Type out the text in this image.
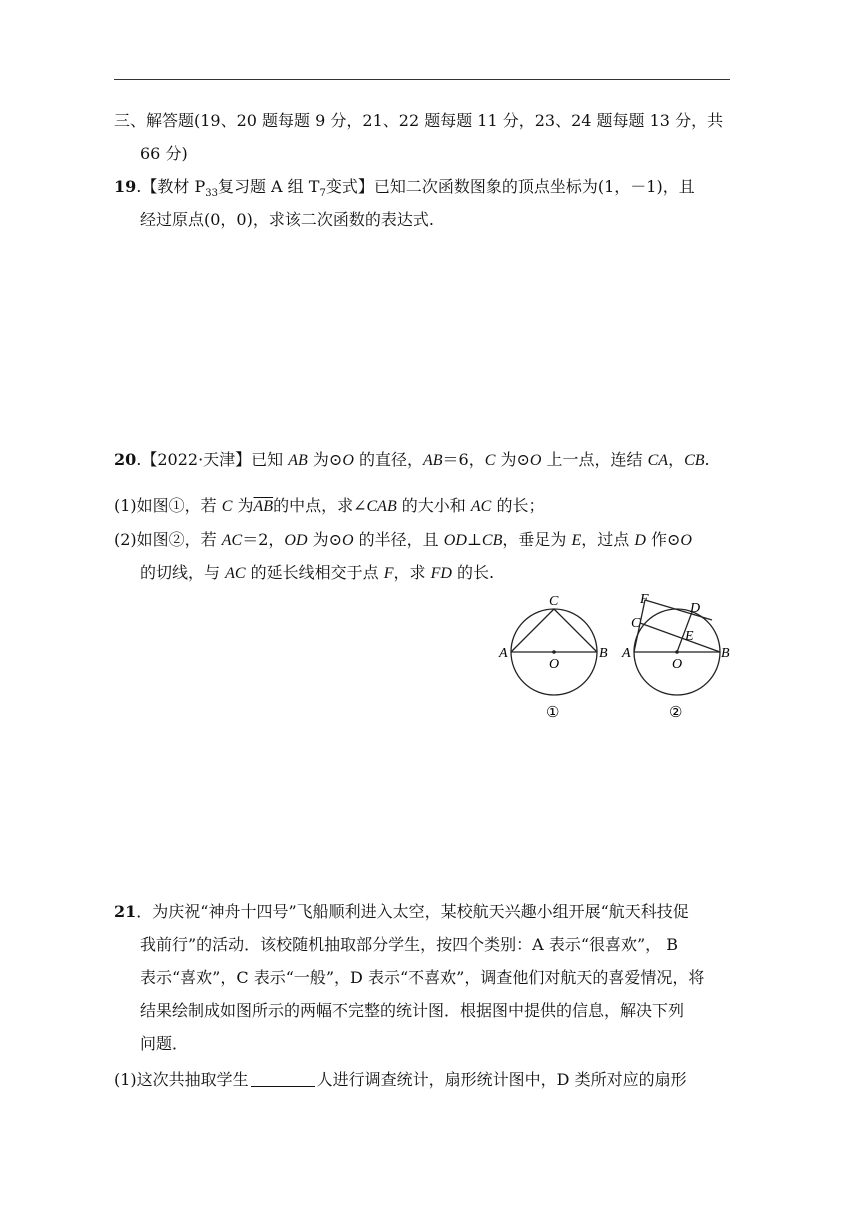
三、解答题(19、20 题每题 9 分，21、22 题每题 11 分，23、24 题每题 13 分，共
66 分)
19.【教材 $P_{33}$复习题 A 组 $T_7$变式】已知二次函数图象的顶点坐标为(1，－1)，且
经过原点(0，0)，求该二次函数的表达式.
20.【2022·天津】已知 AB 为⊙O 的直径，AB＝6，C 为⊙O 上一点，连结 CA，CB.
(1)如图①，若 C 为$\overline{AB}$的中点，求∠CAB 的大小和 AC 的长；
(2)如图②，若 AC＝2，OD 为⊙O 的半径，且 OD⊥CB，垂足为 E，过点 D 作⊙O
的切线，与 AC 的延长线相交于点 F，求 FD 的长.
A	B
C
O
①
A	B
C
D
E
F
O
②
21．为庆祝“神舟十四号”飞船顺利进入太空，某校航天兴趣小组开展“航天科技促
我前行”的活动．该校随机抽取部分学生，按四个类别：A 表示“很喜欢”， B
表示“喜欢”，C 表示“一般”，D 表示“不喜欢”，调查他们对航天的喜爱情况，将
结果绘制成如图所示的两幅不完整的统计图．根据图中提供的信息，解决下列
问题．
(1)这次共抽取学生	人进行调查统计，扇形统计图中，D 类所对应的扇形
